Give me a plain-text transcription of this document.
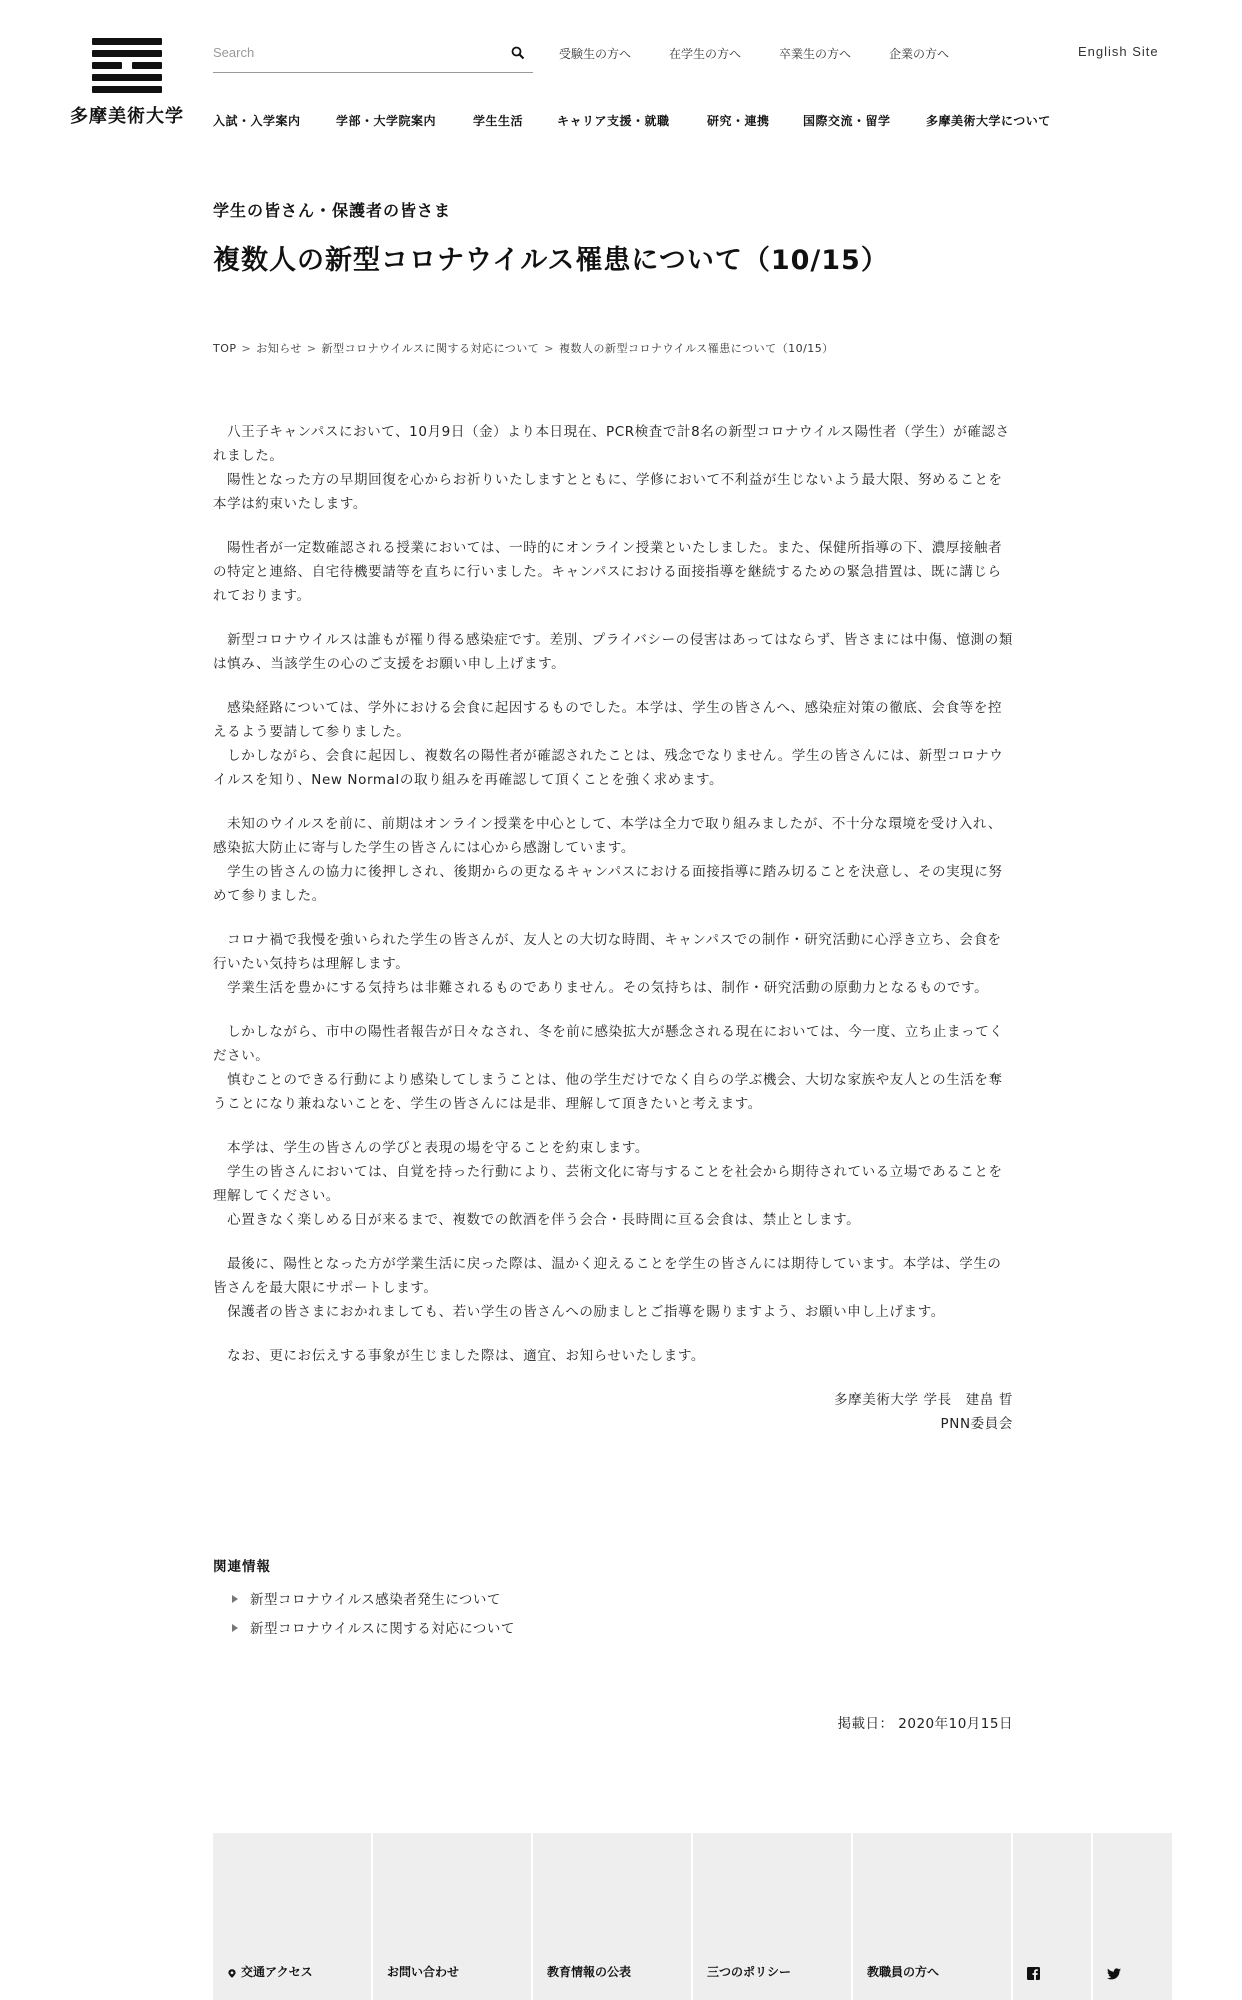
多摩美術大学
Search
受験生の方へ	在学生の方へ	卒業生の方へ	企業の方へ	English Site
入試・入学案内	学部・大学院案内	学生生活	キャリア支援・就職	研究・連携	国際交流・留学	多摩美術大学について
学生の皆さん・保護者の皆さま
複数人の新型コロナウイルス罹患について（10/15）
TOP > お知らせ > 新型コロナウイルスに関する対応について > 複数人の新型コロナウイルス罹患について（10/15）

　八王子キャンパスにおいて、10月9日（金）より本日現在、PCR検査で計8名の新型コロナウイルス陽性者（学生）が確認されました。
　陽性となった方の早期回復を心からお祈りいたしますとともに、学修において不利益が生じないよう最大限、努めることを本学は約束いたします。

　陽性者が一定数確認される授業においては、一時的にオンライン授業といたしました。また、保健所指導の下、濃厚接触者の特定と連絡、自宅待機要請等を直ちに行いました。キャンパスにおける面接指導を継続するための緊急措置は、既に講じられております。

　新型コロナウイルスは誰もが罹り得る感染症です。差別、プライバシーの侵害はあってはならず、皆さまには中傷、憶測の類は慎み、当該学生の心のご支援をお願い申し上げます。

　感染経路については、学外における会食に起因するものでした。本学は、学生の皆さんへ、感染症対策の徹底、会食等を控えるよう要請して参りました。
　しかしながら、会食に起因し、複数名の陽性者が確認されたことは、残念でなりません。学生の皆さんには、新型コロナウイルスを知り、New Normalの取り組みを再確認して頂くことを強く求めます。

　未知のウイルスを前に、前期はオンライン授業を中心として、本学は全力で取り組みましたが、不十分な環境を受け入れ、感染拡大防止に寄与した学生の皆さんには心から感謝しています。
　学生の皆さんの協力に後押しされ、後期からの更なるキャンパスにおける面接指導に踏み切ることを決意し、その実現に努めて参りました。

　コロナ禍で我慢を強いられた学生の皆さんが、友人との大切な時間、キャンパスでの制作・研究活動に心浮き立ち、会食を行いたい気持ちは理解します。
　学業生活を豊かにする気持ちは非難されるものでありません。その気持ちは、制作・研究活動の原動力となるものです。

　しかしながら、市中の陽性者報告が日々なされ、冬を前に感染拡大が懸念される現在においては、今一度、立ち止まってください。
　慎むことのできる行動により感染してしまうことは、他の学生だけでなく自らの学ぶ機会、大切な家族や友人との生活を奪うことになり兼ねないことを、学生の皆さんには是非、理解して頂きたいと考えます。

　本学は、学生の皆さんの学びと表現の場を守ることを約束します。
　学生の皆さんにおいては、自覚を持った行動により、芸術文化に寄与することを社会から期待されている立場であることを理解してください。
　心置きなく楽しめる日が来るまで、複数での飲酒を伴う会合・長時間に亘る会食は、禁止とします。

　最後に、陽性となった方が学業生活に戻った際は、温かく迎えることを学生の皆さんには期待しています。本学は、学生の皆さんを最大限にサポートします。
　保護者の皆さまにおかれましても、若い学生の皆さんへの励ましとご指導を賜りますよう、お願い申し上げます。

　なお、更にお伝えする事象が生じました際は、適宜、お知らせいたします。

多摩美術大学 学長　建畠 晢

PNN委員会

関連情報
新型コロナウイルス感染者発生について
新型コロナウイルスに関する対応について
掲載日： 2020年10月15日
交通アクセス	お問い合わせ	教育情報の公表	三つのポリシー	教職員の方へ
